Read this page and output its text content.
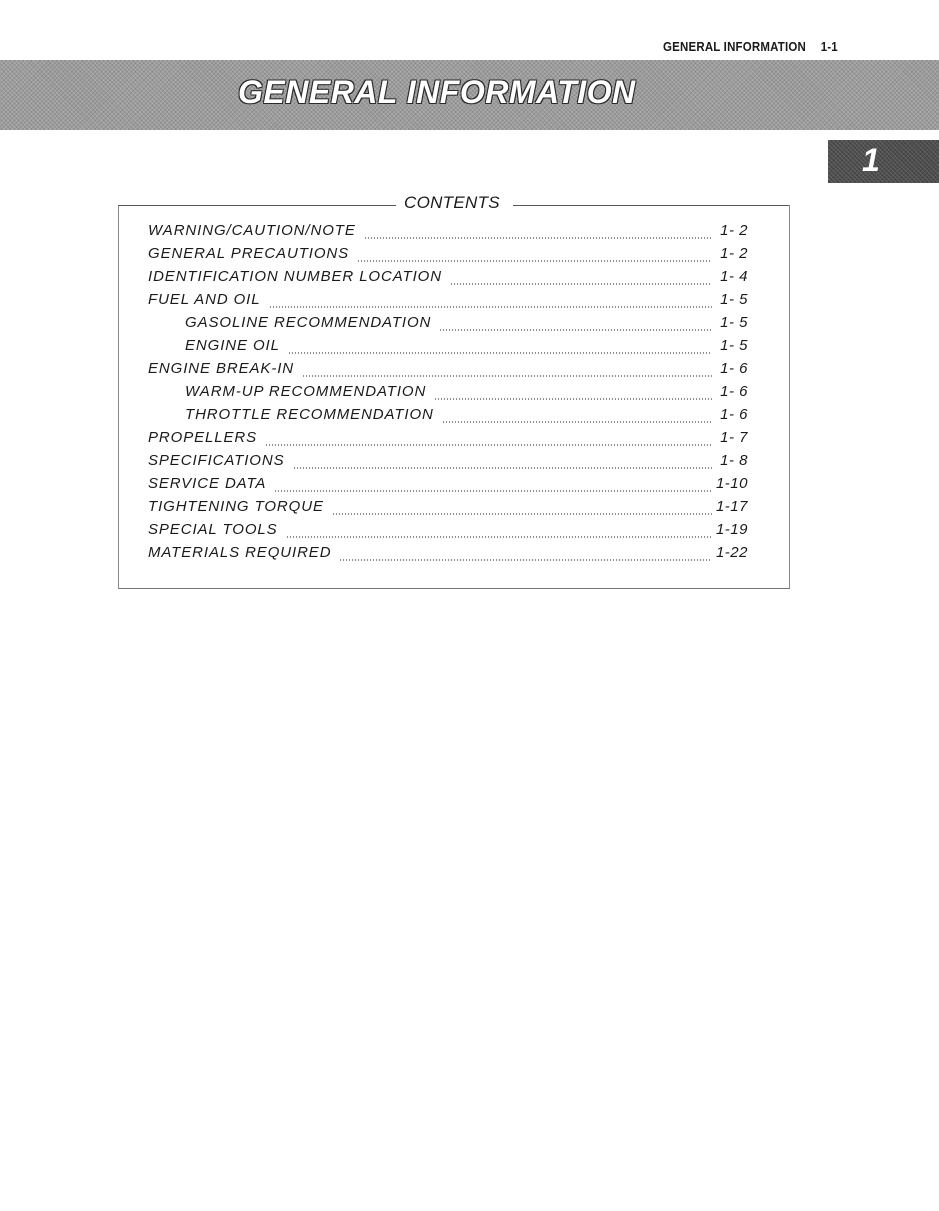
GENERAL INFORMATION 1-1
GENERAL INFORMATION
1
CONTENTS
WARNING/CAUTION/NOTE	1- 2
GENERAL PRECAUTIONS	1- 2
IDENTIFICATION NUMBER LOCATION	1- 4
FUEL AND OIL	1- 5
GASOLINE RECOMMENDATION	1- 5
ENGINE OIL	1- 5
ENGINE BREAK-IN	1- 6
WARM-UP RECOMMENDATION	1- 6
THROTTLE RECOMMENDATION	1- 6
PROPELLERS	1- 7
SPECIFICATIONS	1- 8
SERVICE DATA	1-10
TIGHTENING TORQUE	1-17
SPECIAL TOOLS	1-19
MATERIALS REQUIRED	1-22
